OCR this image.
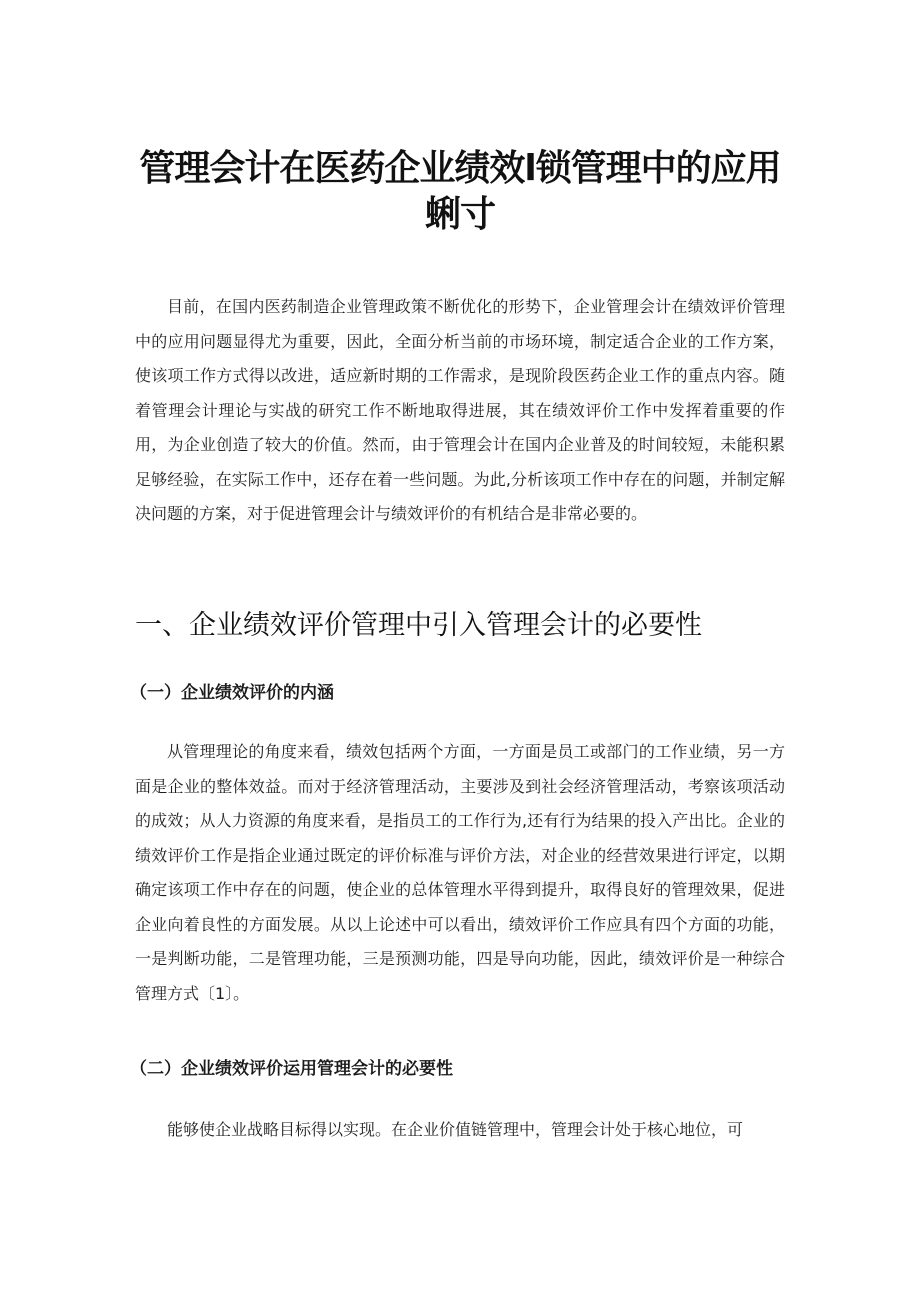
管理会计在医药企业绩效l锁管理中的应用
蜊寸

目前，在国内医药制造企业管理政策不断优化的形势下，企业管理会计在绩效评价管理中的应用问题显得尤为重要，因此，全面分析当前的市场环境，制定适合企业的工作方案，使该项工作方式得以改进，适应新时期的工作需求，是现阶段医药企业工作的重点内容。随着管理会计理论与实战的研究工作不断地取得进展，其在绩效评价工作中发挥着重要的作用，为企业创造了较大的价值。然而，由于管理会计在国内企业普及的时间较短，未能积累足够经验，在实际工作中，还存在着一些问题。为此,分析该项工作中存在的问题，并制定解决问题的方案，对于促进管理会计与绩效评价的有机结合是非常必要的。

一、企业绩效评价管理中引入管理会计的必要性
（一）企业绩效评价的内涵

从管理理论的角度来看，绩效包括两个方面，一方面是员工或部门的工作业绩，另一方面是企业的整体效益。而对于经济管理活动，主要涉及到社会经济管理活动，考察该项活动的成效；从人力资源的角度来看，是指员工的工作行为,还有行为结果的投入产出比。企业的绩效评价工作是指企业通过既定的评价标准与评价方法，对企业的经营效果进行评定，以期确定该项工作中存在的问题，使企业的总体管理水平得到提升，取得良好的管理效果，促进企业向着良性的方面发展。从以上论述中可以看出，绩效评价工作应具有四个方面的功能，一是判断功能，二是管理功能，三是预测功能，四是导向功能，因此，绩效评价是一种综合管理方式〔1〕。

（二）企业绩效评价运用管理会计的必要性

能够使企业战略目标得以实现。在企业价值链管理中，管理会计处于核心地位，可
